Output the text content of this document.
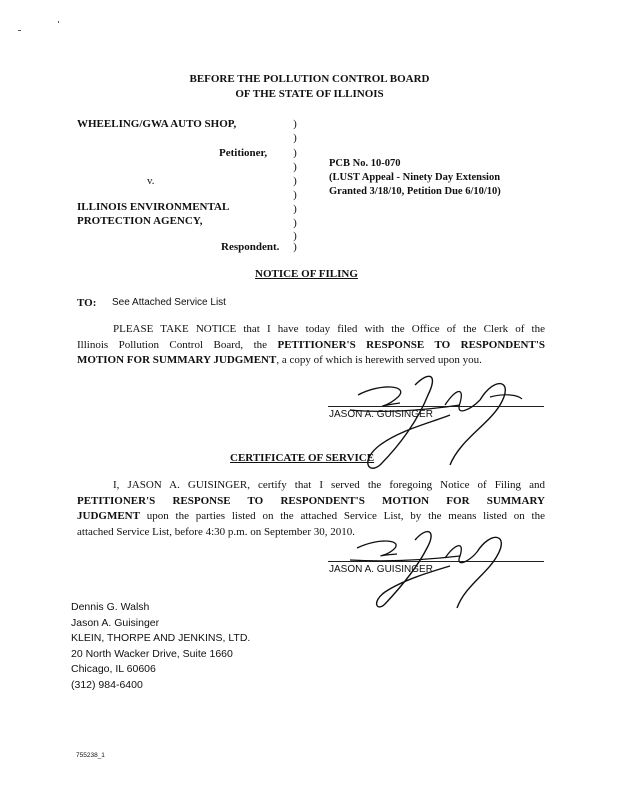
BEFORE THE POLLUTION CONTROL BOARD
OF THE STATE OF ILLINOIS
WHEELING/GWA AUTO SHOP,
Petitioner,
v.
ILLINOIS ENVIRONMENTAL
PROTECTION AGENCY,
Respondent.
)
)
)
)
)
)
)
)
)
)
PCB No. 10-070
(LUST Appeal - Ninety Day Extension
Granted 3/18/10, Petition Due 6/10/10)
NOTICE OF FILING
TO: See Attached Service List
PLEASE TAKE NOTICE that I have today filed with the Office of the Clerk of the
Illinois Pollution Control Board, the PETITIONER'S RESPONSE TO RESPONDENT'S
MOTION FOR SUMMARY JUDGMENT, a copy of which is herewith served upon you.
JASON A. GUISINGER
CERTIFICATE OF SERVICE
I, JASON A. GUISINGER, certify that I served the foregoing Notice of Filing and
PETITIONER'S RESPONSE TO RESPONDENT'S MOTION FOR SUMMARY
JUDGMENT upon the parties listed on the attached Service List, by the means listed on the
attached Service List, before 4:30 p.m. on September 30, 2010.
JASON A. GUISINGER
Dennis G. Walsh
Jason A. Guisinger
KLEIN, THORPE AND JENKINS, LTD.
20 North Wacker Drive, Suite 1660
Chicago, IL 60606
(312) 984-6400
755238_1
